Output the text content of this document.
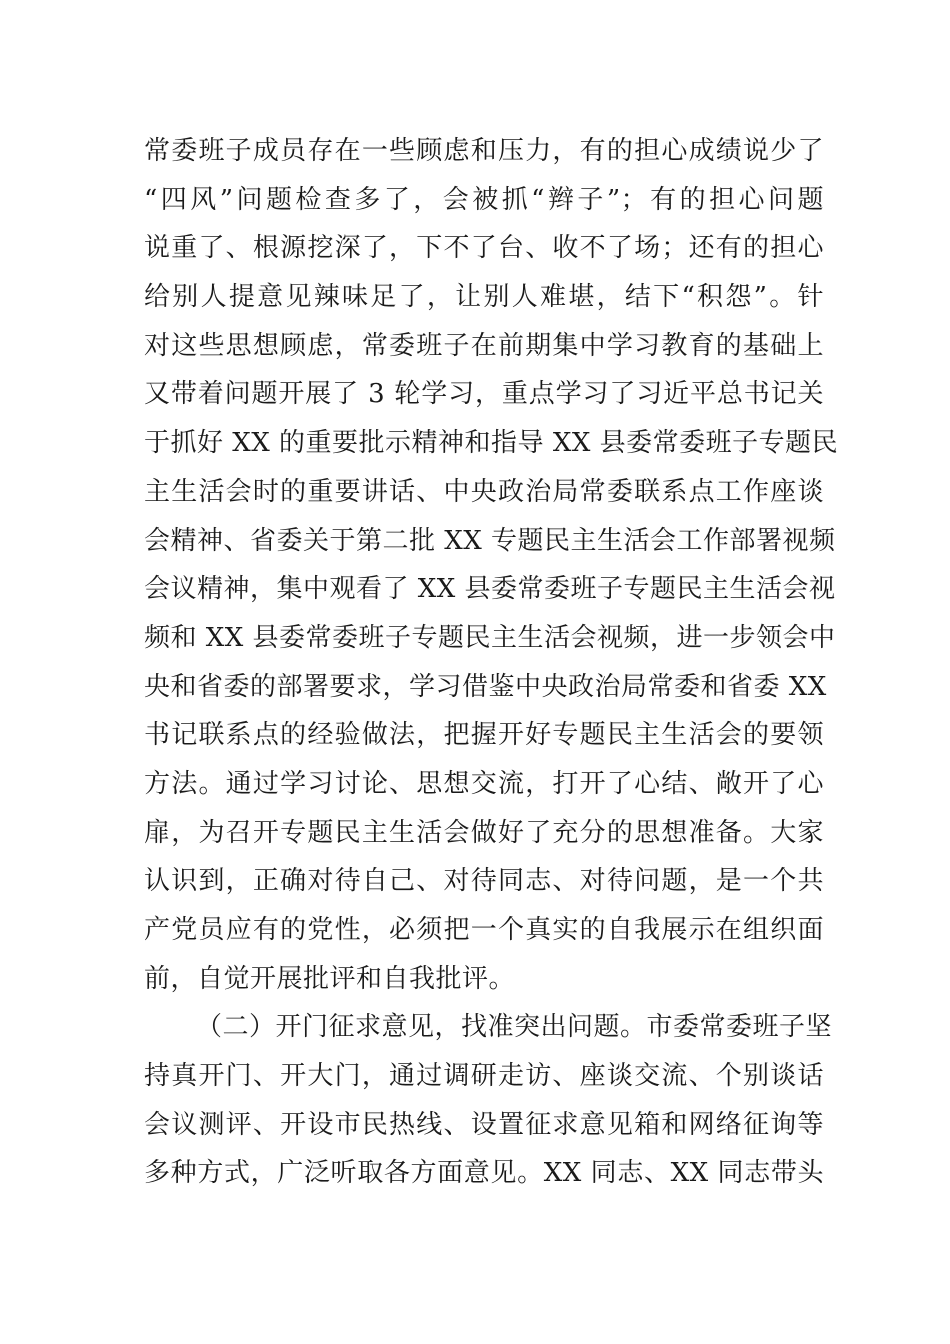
常委班子成员存在一些顾虑和压力，有的担心成绩说少了
“四风”问题检查多了，会被抓“辫子”；有的担心问题
说重了、根源挖深了，下不了台、收不了场；还有的担心
给别人提意见辣味足了，让别人难堪，结下“积怨”。针
对这些思想顾虑，常委班子在前期集中学习教育的基础上
又带着问题开展了 3 轮学习，重点学习了习近平总书记关
于抓好 XX 的重要批示精神和指导 XX 县委常委班子专题民
主生活会时的重要讲话、中央政治局常委联系点工作座谈
会精神、省委关于第二批 XX 专题民主生活会工作部署视频
会议精神，集中观看了 XX 县委常委班子专题民主生活会视
频和 XX 县委常委班子专题民主生活会视频，进一步领会中
央和省委的部署要求，学习借鉴中央政治局常委和省委 XX
书记联系点的经验做法，把握开好专题民主生活会的要领
方法。通过学习讨论、思想交流，打开了心结、敞开了心
扉，为召开专题民主生活会做好了充分的思想准备。大家
认识到，正确对待自己、对待同志、对待问题，是一个共
产党员应有的党性，必须把一个真实的自我展示在组织面
前，自觉开展批评和自我批评。
（二）开门征求意见，找准突出问题。市委常委班子坚
持真开门、开大门，通过调研走访、座谈交流、个别谈话
会议测评、开设市民热线、设置征求意见箱和网络征询等
多种方式，广泛听取各方面意见。XX 同志、XX 同志带头
